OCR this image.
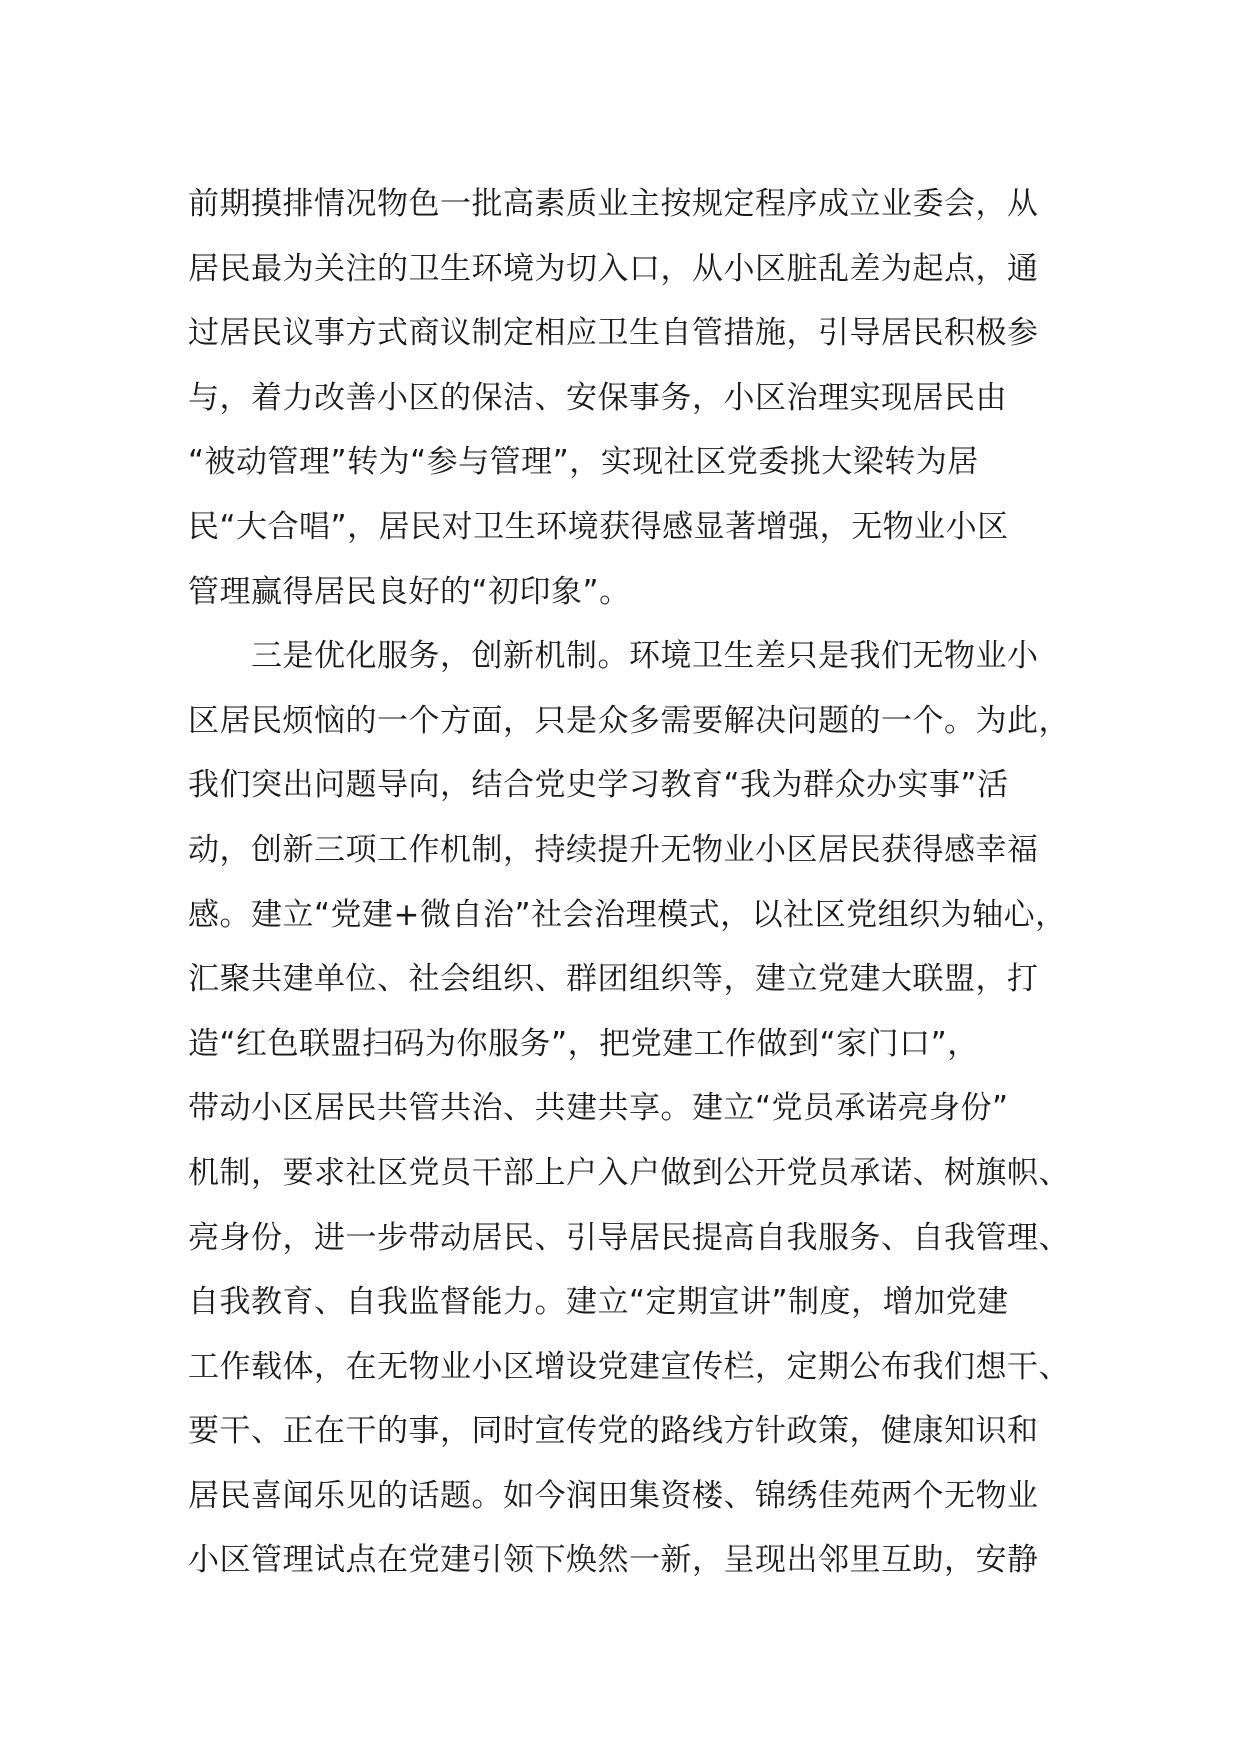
前期摸排情况物色一批高素质业主按规定程序成立业委会，从
居民最为关注的卫生环境为切入口，从小区脏乱差为起点，通
过居民议事方式商议制定相应卫生自管措施，引导居民积极参
与，着力改善小区的保洁、安保事务，小区治理实现居民由
“被动管理”转为“参与管理”，实现社区党委挑大梁转为居
民“大合唱”，居民对卫生环境获得感显著增强，无物业小区
管理赢得居民良好的“初印象”。
　　三是优化服务，创新机制。环境卫生差只是我们无物业小
区居民烦恼的一个方面，只是众多需要解决问题的一个。为此，
我们突出问题导向，结合党史学习教育“我为群众办实事”活
动，创新三项工作机制，持续提升无物业小区居民获得感幸福
感。建立“党建+微自治”社会治理模式，以社区党组织为轴心，
汇聚共建单位、社会组织、群团组织等，建立党建大联盟，打
造“红色联盟扫码为你服务”，把党建工作做到“家门口”，
带动小区居民共管共治、共建共享。建立“党员承诺亮身份”
机制，要求社区党员干部上户入户做到公开党员承诺、树旗帜、
亮身份，进一步带动居民、引导居民提高自我服务、自我管理、
自我教育、自我监督能力。建立“定期宣讲”制度，增加党建
工作载体，在无物业小区增设党建宣传栏，定期公布我们想干、
要干、正在干的事，同时宣传党的路线方针政策，健康知识和
居民喜闻乐见的话题。如今润田集资楼、锦绣佳苑两个无物业
小区管理试点在党建引领下焕然一新，呈现出邻里互助，安静
